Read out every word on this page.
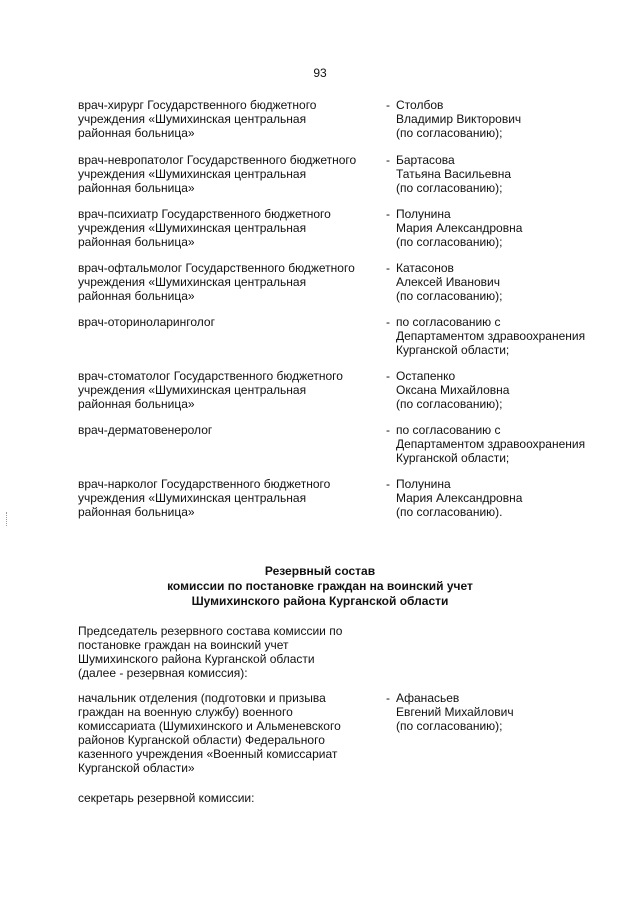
93
врач-хирург Государственного бюджетного
учреждения «Шумихинская центральная
районная больница»
- Столбов
Владимир Викторович
(по согласованию);
врач-невропатолог Государственного бюджетного
учреждения «Шумихинская центральная
районная больница»
- Бартасова
Татьяна Васильевна
(по согласованию);
врач-психиатр Государственного бюджетного
учреждения «Шумихинская центральная
районная больница»
- Полунина
Мария Александровна
(по согласованию);
врач-офтальмолог Государственного бюджетного
учреждения «Шумихинская центральная
районная больница»
- Катасонов
Алексей Иванович
(по согласованию);
врач-оториноларинголог	- по согласованию с
Департаментом здравоохранения
Курганской области;
врач-стоматолог Государственного бюджетного
учреждения «Шумихинская центральная
районная больница»
- Остапенко
Оксана Михайловна
(по согласованию);
врач-дерматовенеролог	- по согласованию с
Департаментом здравоохранения
Курганской области;
врач-нарколог Государственного бюджетного
учреждения «Шумихинская центральная
районная больница»
- Полунина
Мария Александровна
(по согласованию).
Резервный состав
комиссии по постановке граждан на воинский учет
Шумихинского района Курганской области
Председатель резервного состава комиссии по
постановке граждан на воинский учет
Шумихинского района Курганской области
(далее - резервная комиссия):
начальник отделения (подготовки и призыва
граждан на военную службу) военного
комиссариата (Шумихинского и Альменевского
районов Курганской области) Федерального
казенного учреждения «Военный комиссариат
Курганской области»
- Афанасьев
Евгений Михайлович
(по согласованию);
секретарь резервной комиссии:
